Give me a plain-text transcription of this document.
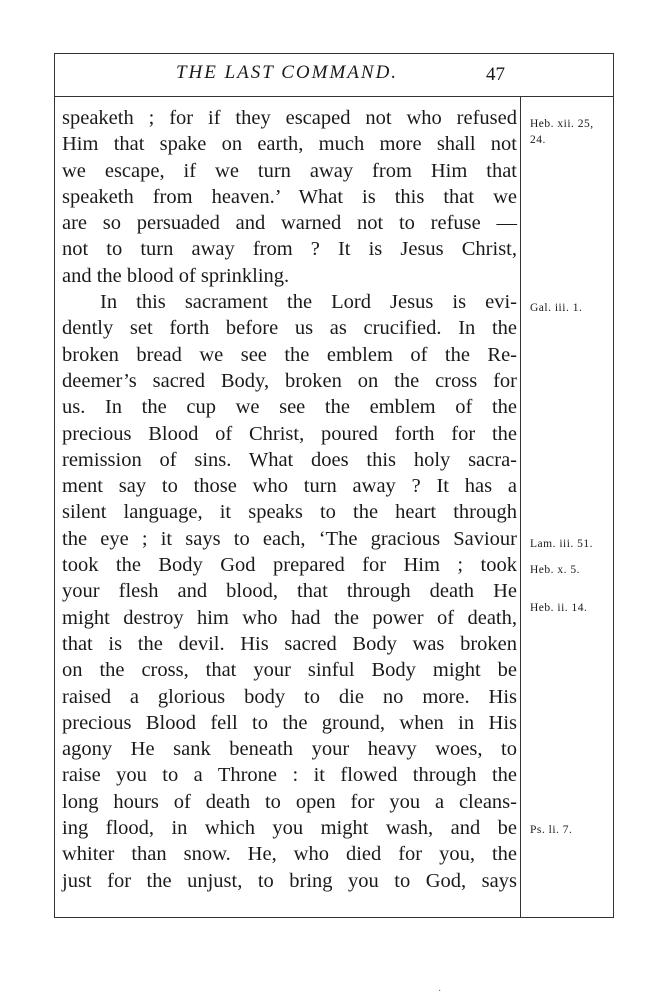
THE LAST COMMAND.	47
speaketh ; for if they escaped not who refused
Him that spake on earth, much more shall not
we escape, if we turn away from Him that
speaketh from heaven.’ What is this that we
are so persuaded and warned not to refuse —
not to turn away from ? It is Jesus Christ,
and the blood of sprinkling.
In this sacrament the Lord Jesus is evi-
dently set forth before us as crucified. In the
broken bread we see the emblem of the Re-
deemer’s sacred Body, broken on the cross for
us. In the cup we see the emblem of the
precious Blood of Christ, poured forth for the
remission of sins. What does this holy sacra-
ment say to those who turn away ? It has a
silent language, it speaks to the heart through
the eye ; it says to each, ‘The gracious Saviour
took the Body God prepared for Him ; took
your flesh and blood, that through death He
might destroy him who had the power of death,
that is the devil. His sacred Body was broken
on the cross, that your sinful Body might be
raised a glorious body to die no more. His
precious Blood fell to the ground, when in His
agony He sank beneath your heavy woes, to
raise you to a Throne : it flowed through the
long hours of death to open for you a cleans-
ing flood, in which you might wash, and be
whiter than snow. He, who died for you, the
just for the unjust, to bring you to God, says
Heb. xii. 25,
24.
Gal. iii. 1.
Lam. iii. 51.
Heb. x. 5.
Heb. ii. 14.
Ps. li. 7.
·
